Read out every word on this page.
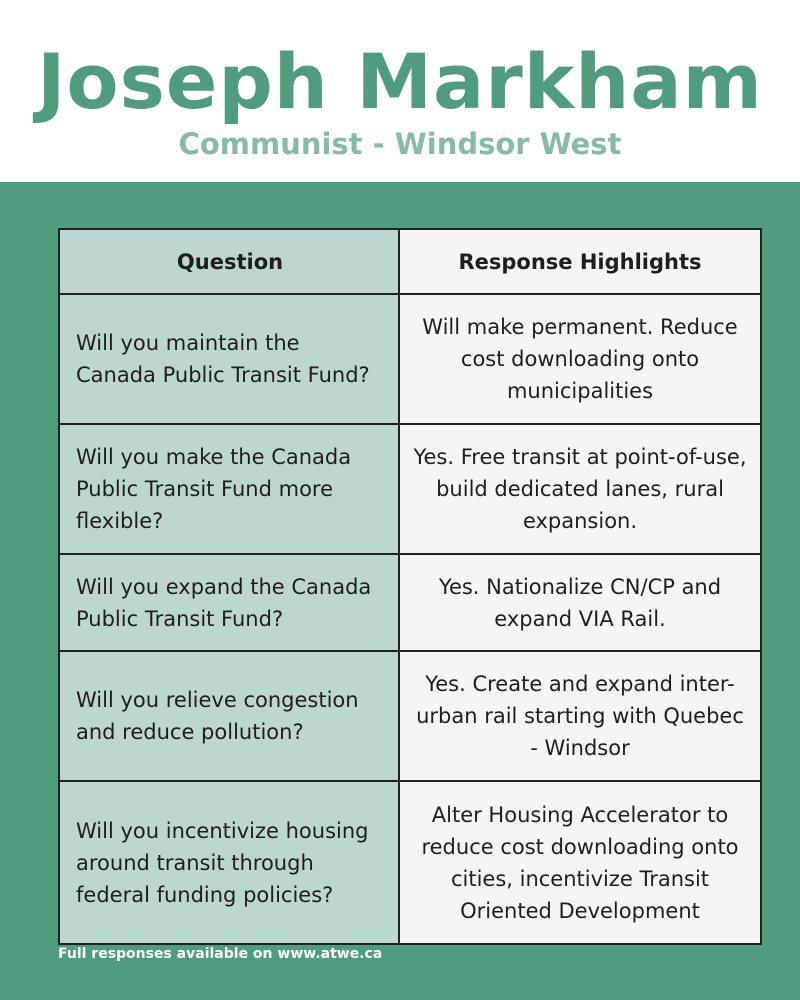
Joseph Markham
Communist - Windsor West
Question	Response Highlights
Will you maintain the Canada Public Transit Fund?	Will make permanent. Reduce cost downloading onto municipalities
Will you make the Canada Public Transit Fund more flexible?	Yes. Free transit at point-of-use, build dedicated lanes, rural expansion.
Will you expand the Canada Public Transit Fund?	Yes. Nationalize CN/CP and expand VIA Rail.
Will you relieve congestion and reduce pollution?	Yes. Create and expand inter-urban rail starting with Quebec - Windsor
Will you incentivize housing around transit through federal funding policies?	Alter Housing Accelerator to reduce cost downloading onto cities, incentivize Transit Oriented Development
Full responses available on www.atwe.ca
